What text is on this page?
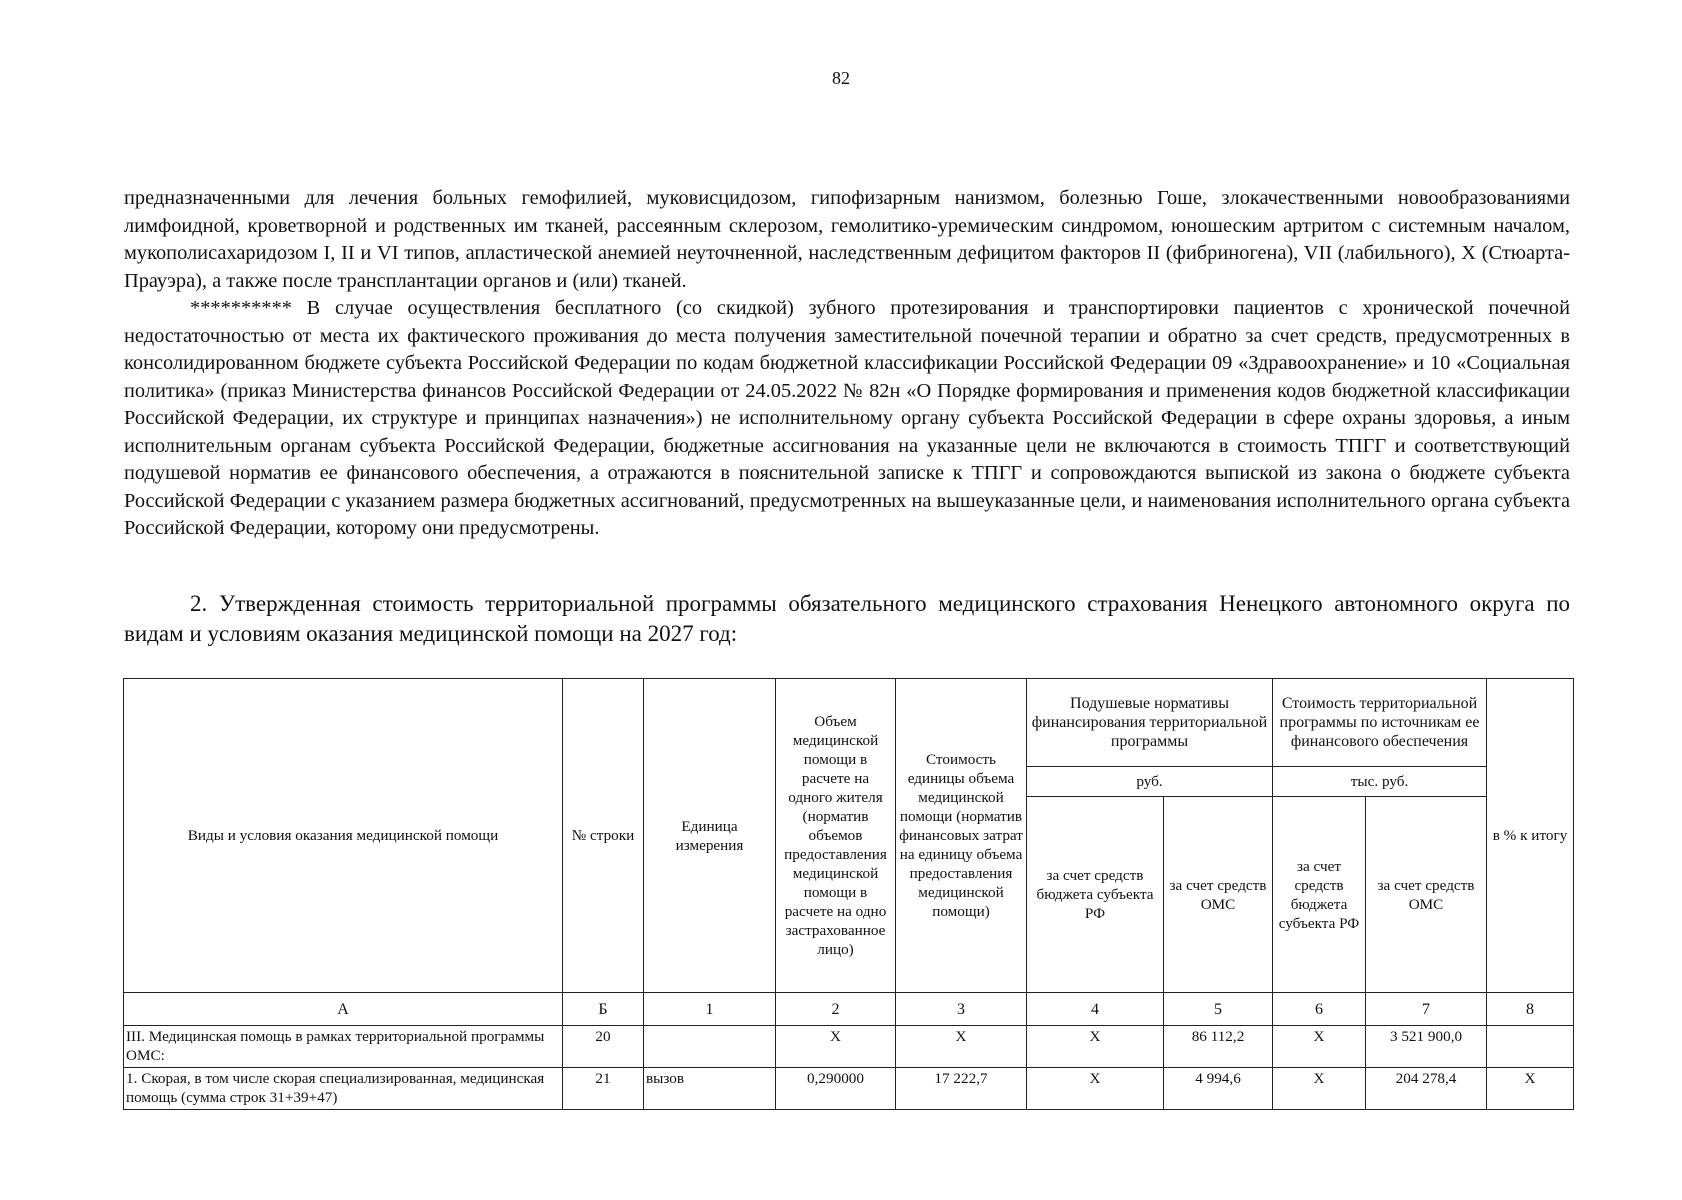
82

предназначенными для лечения больных гемофилией, муковисцидозом, гипофизарным нанизмом, болезнью Гоше, злокачественными новообразованиями лимфоидной, кроветворной и родственных им тканей, рассеянным склерозом, гемолитико-уремическим синдромом, юношеским артритом с системным началом, мукополисахаридозом I, II и VI типов, апластической анемией неуточненной, наследственным дефицитом факторов II (фибриногена), VII (лабильного), X (Стюарта-Прауэра), а также после трансплантации органов и (или) тканей.

********** В случае осуществления бесплатного (со скидкой) зубного протезирования и транспортировки пациентов с хронической почечной недостаточностью от места их фактического проживания до места получения заместительной почечной терапии и обратно за счет средств, предусмотренных в консолидированном бюджете субъекта Российской Федерации по кодам бюджетной классификации Российской Федерации 09 «Здравоохранение» и 10 «Социальная политика» (приказ Министерства финансов Российской Федерации от 24.05.2022 № 82н «О Порядке формирования и применения кодов бюджетной классификации Российской Федерации, их структуре и принципах назначения») не исполнительному органу субъекта Российской Федерации в сфере охраны здоровья, а иным исполнительным органам субъекта Российской Федерации, бюджетные ассигнования на указанные цели не включаются в стоимость ТПГГ и соответствующий подушевой норматив ее финансового обеспечения, а отражаются в пояснительной записке к ТПГГ и сопровождаются выпиской из закона о бюджете субъекта Российской Федерации с указанием размера бюджетных ассигнований, предусмотренных на вышеуказанные цели, и наименования исполнительного органа субъекта Российской Федерации, которому они предусмотрены.

2. Утвержденная стоимость территориальной программы обязательного медицинского страхования Ненецкого автономного округа по видам и условиям оказания медицинской помощи на 2027 год:

Виды и условия оказания медицинской помощи	№ строки	Единица измерения	Объем медицинской помощи в расчете на одного жителя (норматив объемов предоставления медицинской помощи в расчете на одно застрахованное лицо)	Стоимость единицы объема медицинской помощи (норматив финансовых затрат на единицу объема предоставления медицинской помощи)	Подушевые нормативы финансирования территориальной программы		Стоимость территориальной программы по источникам ее финансового обеспечения		в % к итогу
					руб.		тыс. руб.		
					за счет средств бюджета субъекта РФ	за счет средств ОМС	за счет средств бюджета субъекта РФ	за счет средств ОМС	
А	Б	1	2	3	4	5	6	7	8
III. Медицинская помощь в рамках территориальной программы ОМС:	20		Х	Х	Х	86 112,2	Х	3 521 900,0	
1. Скорая, в том числе скорая специализированная, медицинская помощь (сумма строк 31+39+47)	21	вызов	0,290000	17 222,7	Х	4 994,6	Х	204 278,4	Х
